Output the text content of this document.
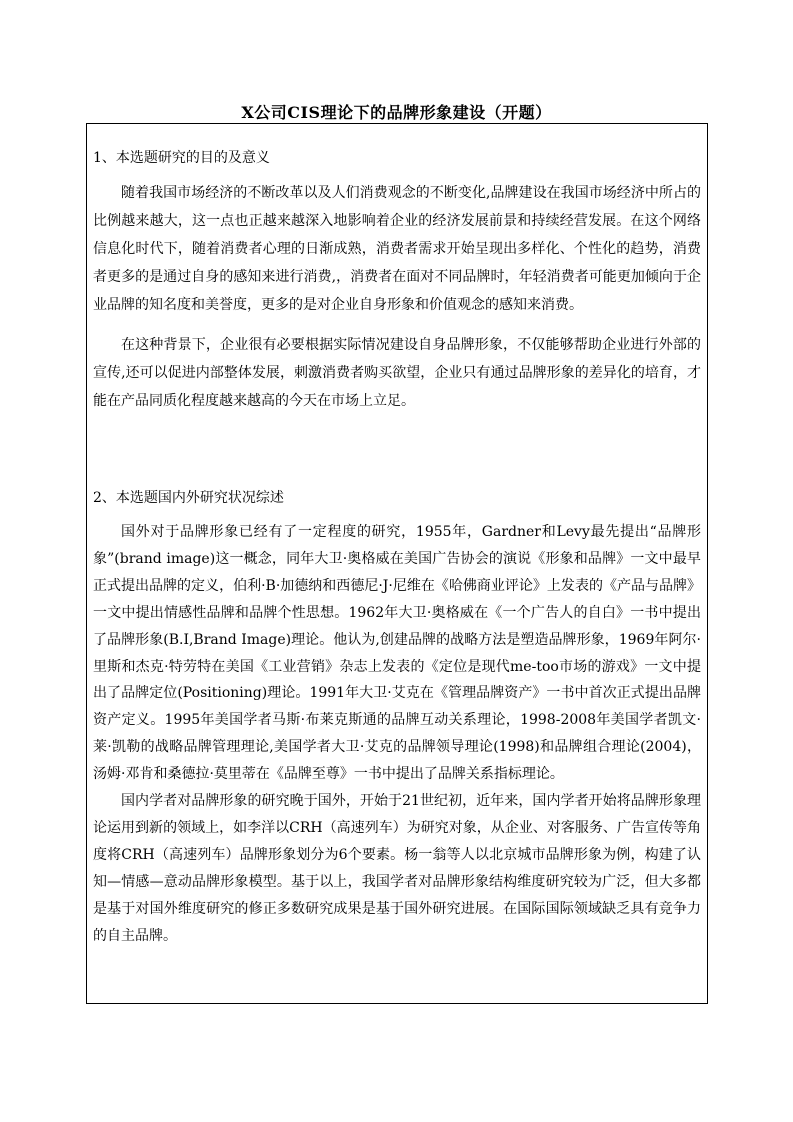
X公司CIS理论下的品牌形象建设（开题）

1、本选题研究的目的及意义

随着我国市场经济的不断改革以及人们消费观念的不断变化,品牌建设在我国市场经济中所占的比例越来越大，这一点也正越来越深入地影响着企业的经济发展前景和持续经营发展。在这个网络信息化时代下，随着消费者心理的日渐成熟，消费者需求开始呈现出多样化、个性化的趋势，消费者更多的是通过自身的感知来进行消费,，消费者在面对不同品牌时，年轻消费者可能更加倾向于企业品牌的知名度和美誉度，更多的是对企业自身形象和价值观念的感知来消费。

在这种背景下，企业很有必要根据实际情况建设自身品牌形象，不仅能够帮助企业进行外部的宣传,还可以促进内部整体发展，刺激消费者购买欲望，企业只有通过品牌形象的差异化的培育，才能在产品同质化程度越来越高的今天在市场上立足。

2、本选题国内外研究状况综述

国外对于品牌形象已经有了一定程度的研究，1955年，Gardner和Levy最先提出“品牌形象”(brand image)这一概念，同年大卫·奥格威在美国广告协会的演说《形象和品牌》一文中最早正式提出品牌的定义，伯利·B·加德纳和西德尼·J·尼维在《哈佛商业评论》上发表的《产品与品牌》一文中提出情感性品牌和品牌个性思想。1962年大卫·奥格威在《一个广告人的自白》一书中提出了品牌形象(B.I,Brand Image)理论。他认为,创建品牌的战略方法是塑造品牌形象，1969年阿尔·里斯和杰克·特劳特在美国《工业营销》杂志上发表的《定位是现代me-too市场的游戏》一文中提出了品牌定位(Positioning)理论。1991年大卫·艾克在《管理品牌资产》一书中首次正式提出品牌资产定义。1995年美国学者马斯·布莱克斯通的品牌互动关系理论，1998-2008年美国学者凯文·莱·凯勒的战略品牌管理理论,美国学者大卫·艾克的品牌领导理论(1998)和品牌组合理论(2004)，汤姆·邓肯和桑德拉·莫里蒂在《品牌至尊》一书中提出了品牌关系指标理论。

国内学者对品牌形象的研究晚于国外，开始于21世纪初，近年来，国内学者开始将品牌形象理论运用到新的领域上，如李洋以CRH（高速列车）为研究对象，从企业、对客服务、广告宣传等角度将CRH（高速列车）品牌形象划分为6个要素。杨一翁等人以北京城市品牌形象为例，构建了认知—情感—意动品牌形象模型。基于以上，我国学者对品牌形象结构维度研究较为广泛，但大多都是基于对国外维度研究的修正多数研究成果是基于国外研究进展。在国际国际领域缺乏具有竞争力的自主品牌。
